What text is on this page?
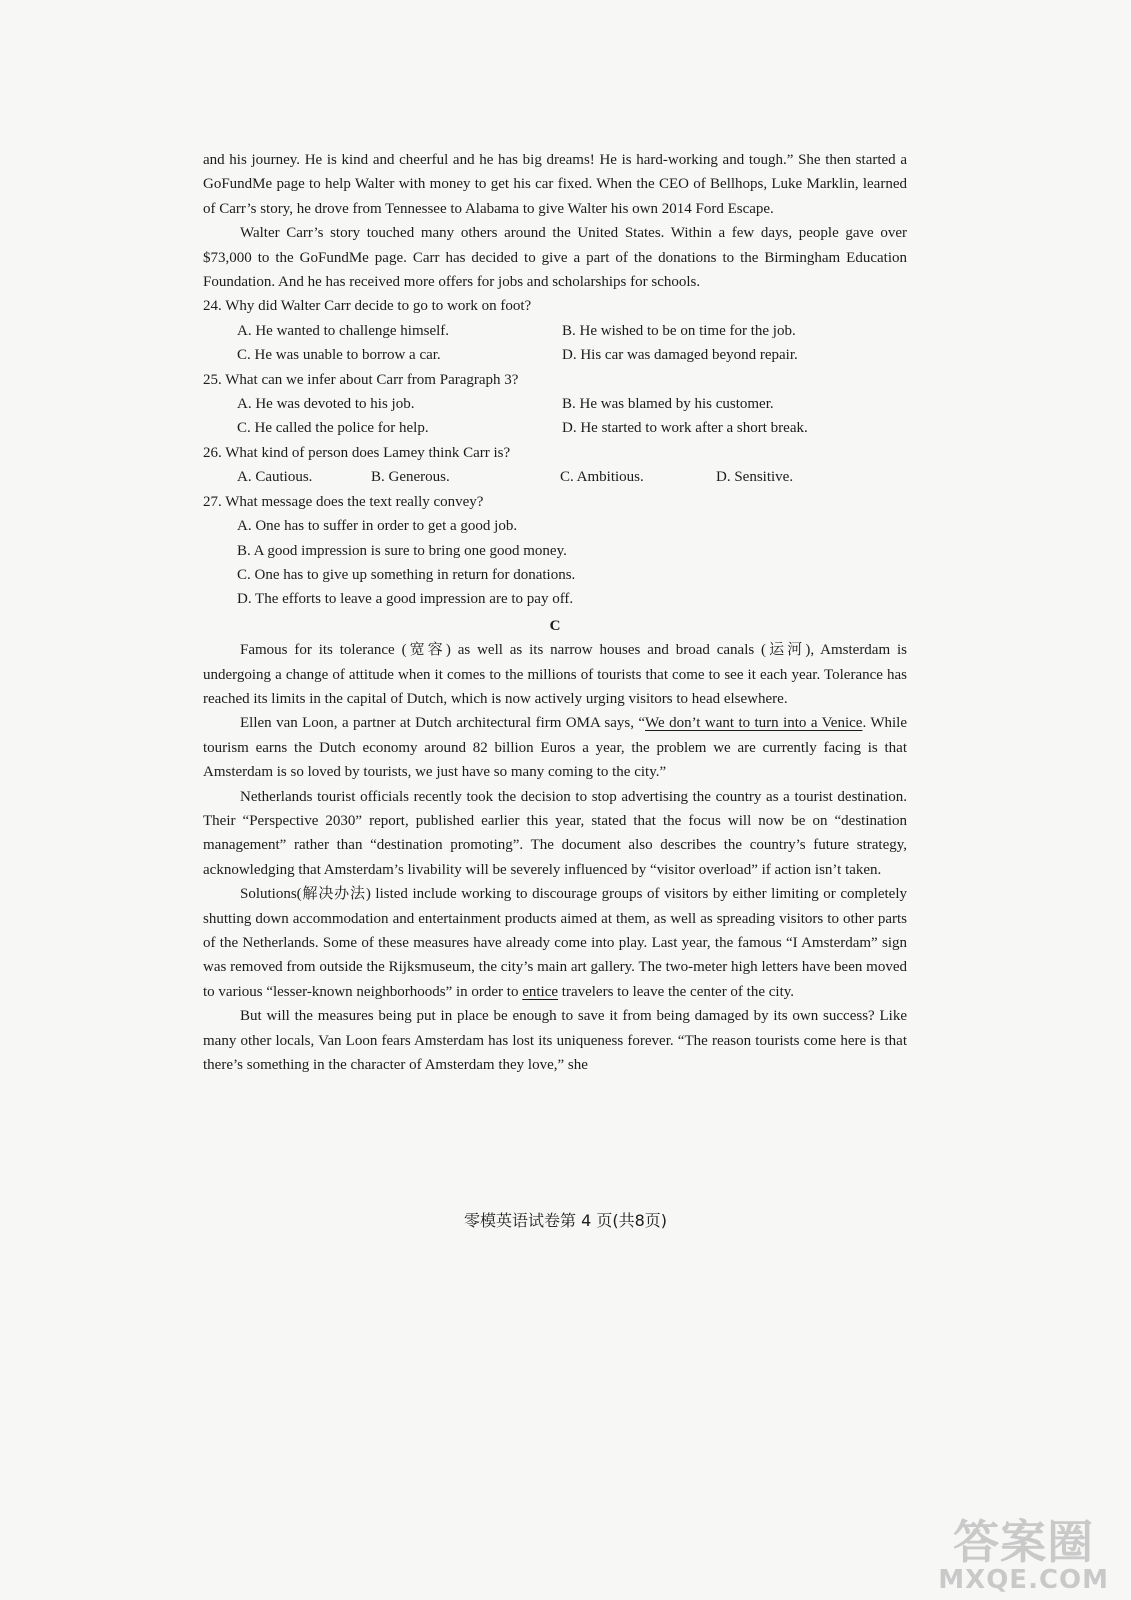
and his journey. He is kind and cheerful and he has big dreams! He is hard-working and tough.” She then started a GoFundMe page to help Walter with money to get his car fixed. When the CEO of Bellhops, Luke Marklin, learned of Carr’s story, he drove from Tennessee to Alabama to give Walter his own 2014 Ford Escape.

Walter Carr’s story touched many others around the United States. Within a few days, people gave over $73,000 to the GoFundMe page. Carr has decided to give a part of the donations to the Birmingham Education Foundation. And he has received more offers for jobs and scholarships for schools.

24. Why did Walter Carr decide to go to work on foot?
A. He wanted to challenge himself.	B. He wished to be on time for the job.
C. He was unable to borrow a car.	D. His car was damaged beyond repair.
25. What can we infer about Carr from Paragraph 3?
A. He was devoted to his job.	B. He was blamed by his customer.
C. He called the police for help.	D. He started to work after a short break.
26. What kind of person does Lamey think Carr is?
A. Cautious.	B. Generous.	C. Ambitious.	D. Sensitive.
27. What message does the text really convey?
A. One has to suffer in order to get a good job.
B. A good impression is sure to bring one good money.
C. One has to give up something in return for donations.
D. The efforts to leave a good impression are to pay off.
C

Famous for its tolerance (宽容) as well as its narrow houses and broad canals (运河), Amsterdam is undergoing a change of attitude when it comes to the millions of tourists that come to see it each year. Tolerance has reached its limits in the capital of Dutch, which is now actively urging visitors to head elsewhere.

Ellen van Loon, a partner at Dutch architectural firm OMA says, “We don’t want to turn into a Venice. While tourism earns the Dutch economy around 82 billion Euros a year, the problem we are currently facing is that Amsterdam is so loved by tourists, we just have so many coming to the city.”

Netherlands tourist officials recently took the decision to stop advertising the country as a tourist destination. Their “Perspective 2030” report, published earlier this year, stated that the focus will now be on “destination management” rather than “destination promoting”. The document also describes the country’s future strategy, acknowledging that Amsterdam’s livability will be severely influenced by “visitor overload” if action isn’t taken.

Solutions(解决办法) listed include working to discourage groups of visitors by either limiting or completely shutting down accommodation and entertainment products aimed at them, as well as spreading visitors to other parts of the Netherlands. Some of these measures have already come into play. Last year, the famous “I Amsterdam” sign was removed from outside the Rijksmuseum, the city’s main art gallery. The two-meter high letters have been moved to various “lesser-known neighborhoods” in order to entice travelers to leave the center of the city.

But will the measures being put in place be enough to save it from being damaged by its own success? Like many other locals, Van Loon fears Amsterdam has lost its uniqueness forever. “The reason tourists come here is that there’s something in the character of Amsterdam they love,” she

零模英语试卷第 4 页(共8页)
答案圈
MXQE.COM
